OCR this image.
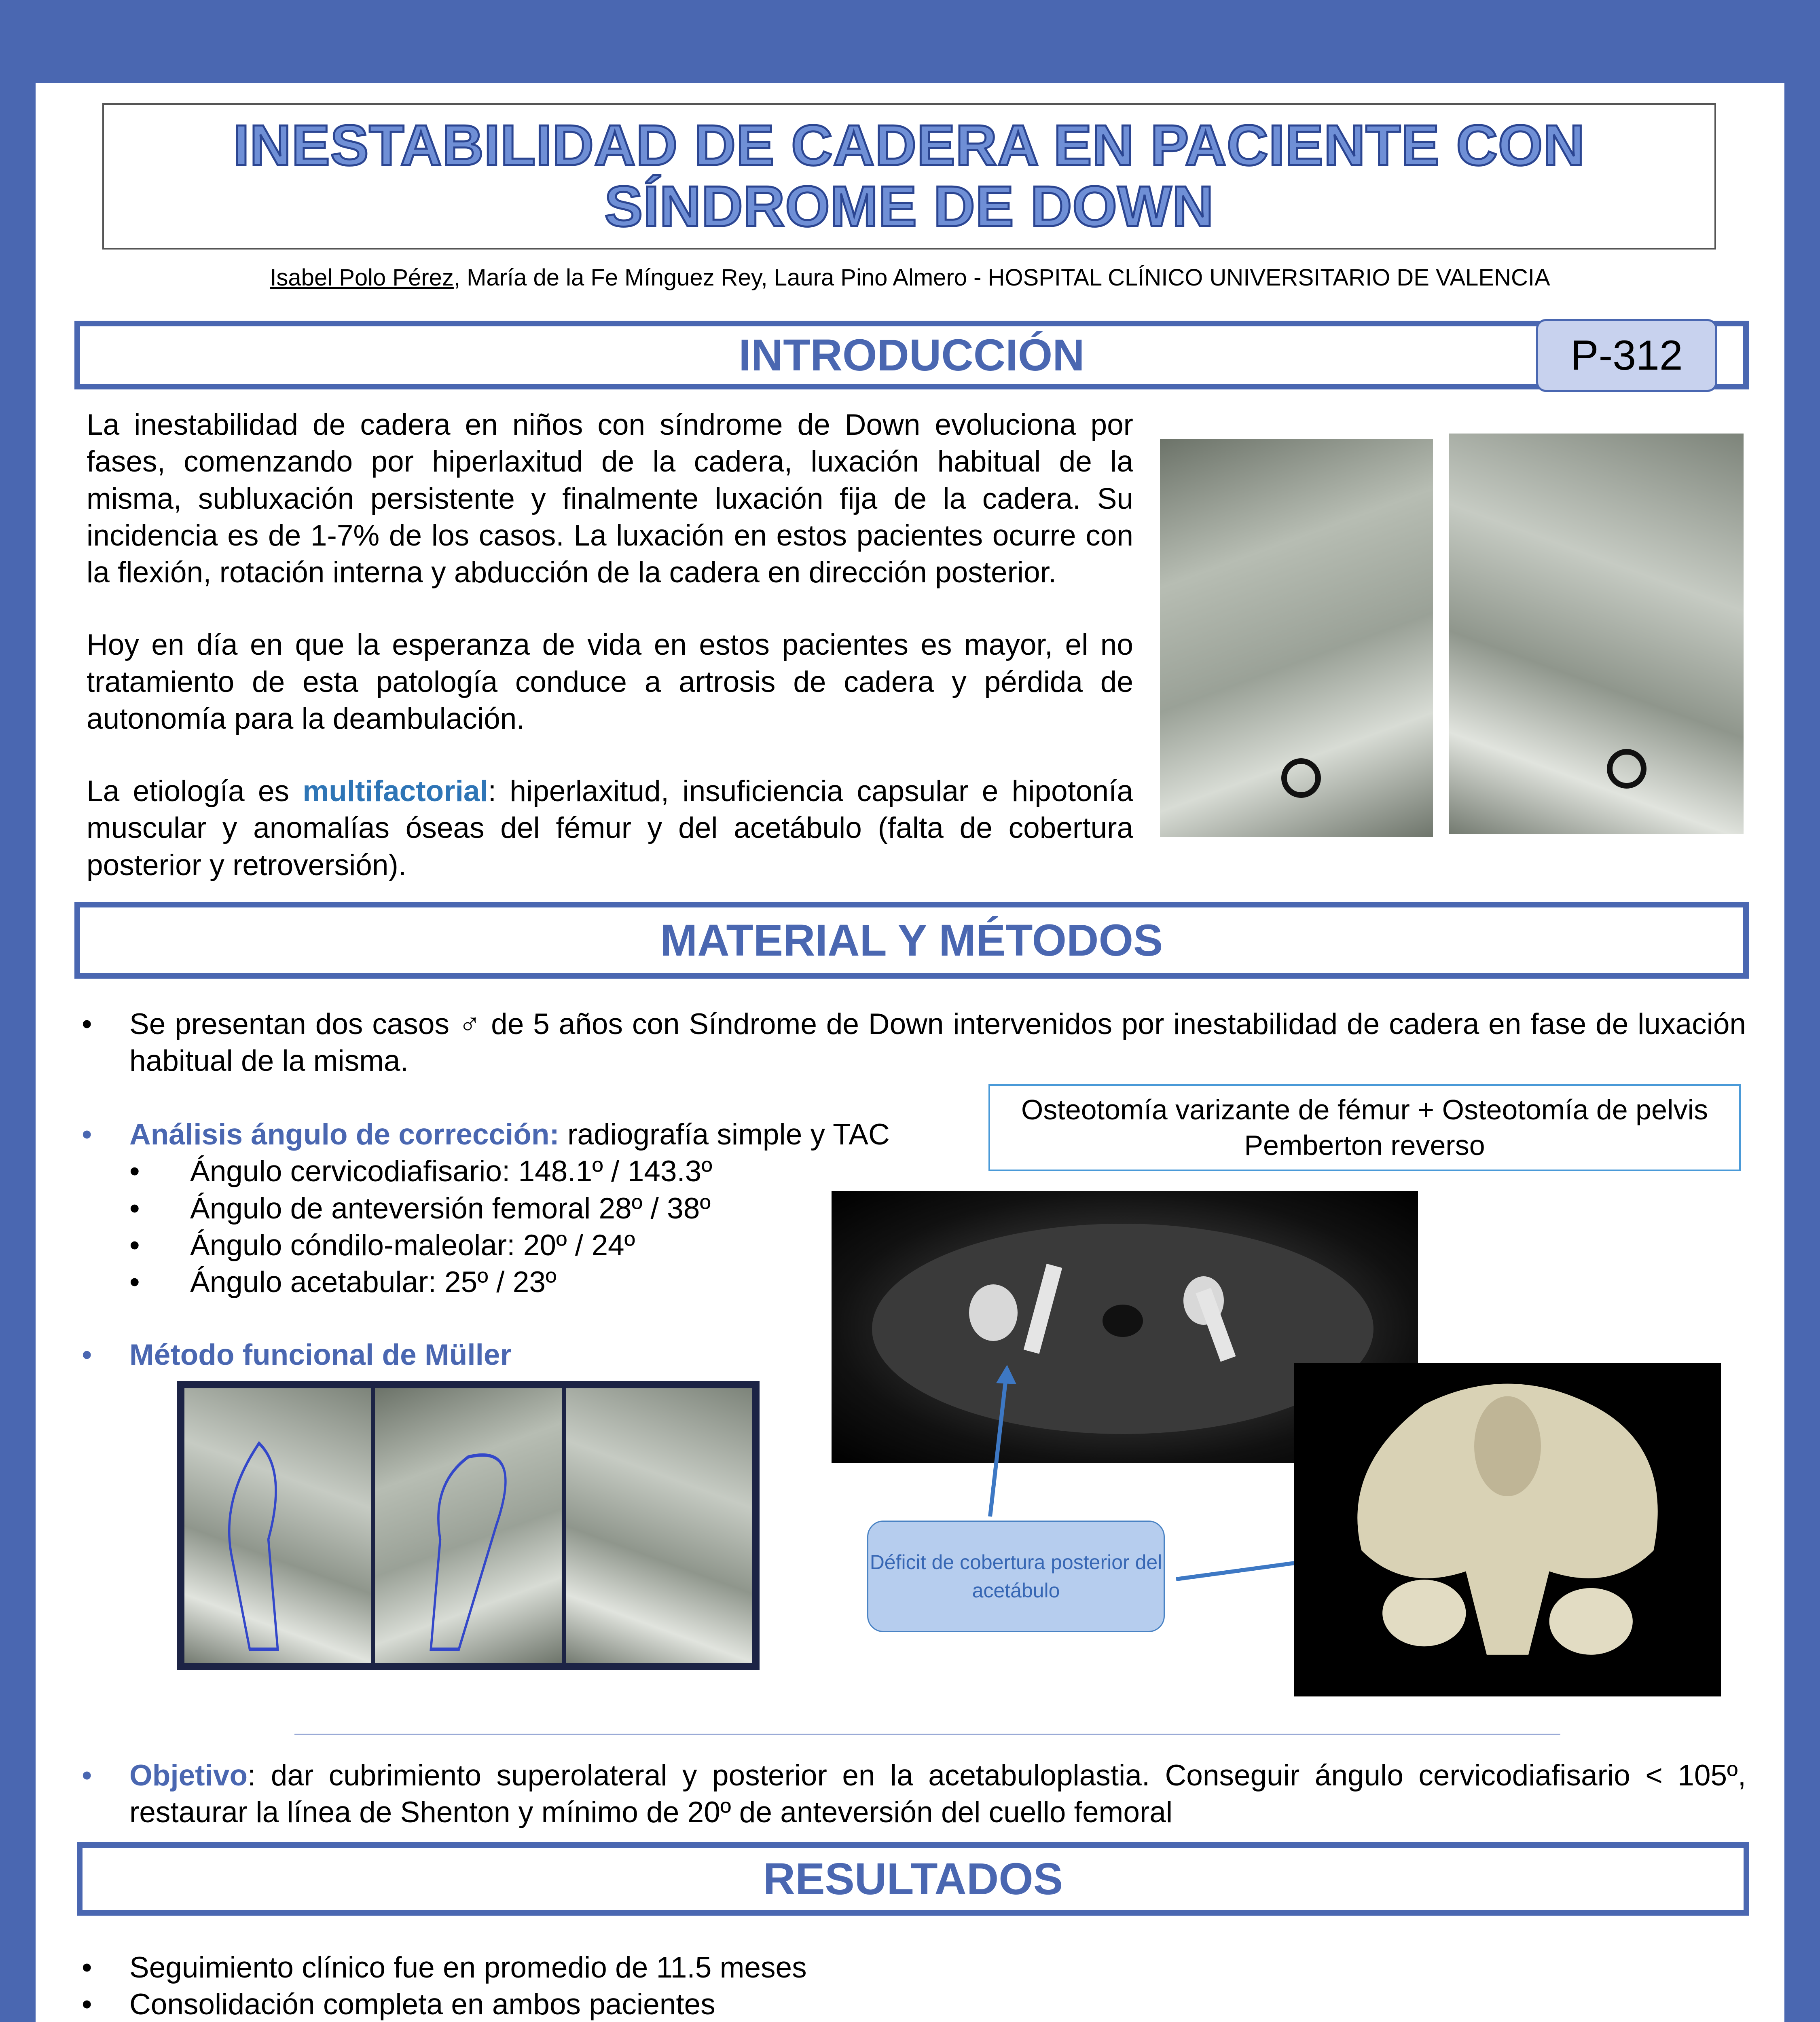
INESTABILIDAD DE CADERA EN PACIENTE CON SÍNDROME DE DOWN
Isabel Polo Pérez, María de la Fe Mínguez Rey, Laura Pino Almero - HOSPITAL CLÍNICO UNIVERSITARIO DE VALENCIA
INTRODUCCIÓN	P-312

La inestabilidad de cadera en niños con síndrome de Down evoluciona por fases, comenzando por hiperlaxitud de la cadera, luxación habitual de la misma, subluxación persistente y finalmente luxación fija de la cadera. Su incidencia es de 1-7% de los casos. La luxación en estos pacientes ocurre con la flexión, rotación interna y abducción de la cadera en dirección posterior.

Hoy en día en que la esperanza de vida en estos pacientes es mayor, el no tratamiento de esta patología conduce a artrosis de cadera y pérdida de autonomía para la deambulación.

La etiología es multifactorial: hiperlaxitud, insuficiencia capsular e hipotonía muscular y anomalías óseas del fémur y del acetábulo (falta de cobertura posterior y retroversión).

MATERIAL Y MÉTODOS
• Se presentan dos casos ♂ de 5 años con Síndrome de Down intervenidos por inestabilidad de cadera en fase de luxación habitual de la misma.
• Análisis ángulo de corrección: radiografía simple y TAC
• Ángulo cervicodiafisario: 148.1º / 143.3º
• Ángulo de anteversión femoral 28º / 38º
• Ángulo cóndilo-maleolar: 20º / 24º
• Ángulo acetabular: 25º / 23º
• Método funcional de Müller
Osteotomía varizante de fémur + Osteotomía de pelvis Pemberton reverso
Déficit de cobertura posterior del acetábulo
• Objetivo: dar cubrimiento superolateral y posterior en la acetabuloplastia. Conseguir ángulo cervicodiafisario < 105º, restaurar la línea de Shenton y mínimo de 20º de anteversión del cuello femoral
RESULTADOS
• Seguimiento clínico fue en promedio de 11.5 meses
• Consolidación completa en ambos pacientes
